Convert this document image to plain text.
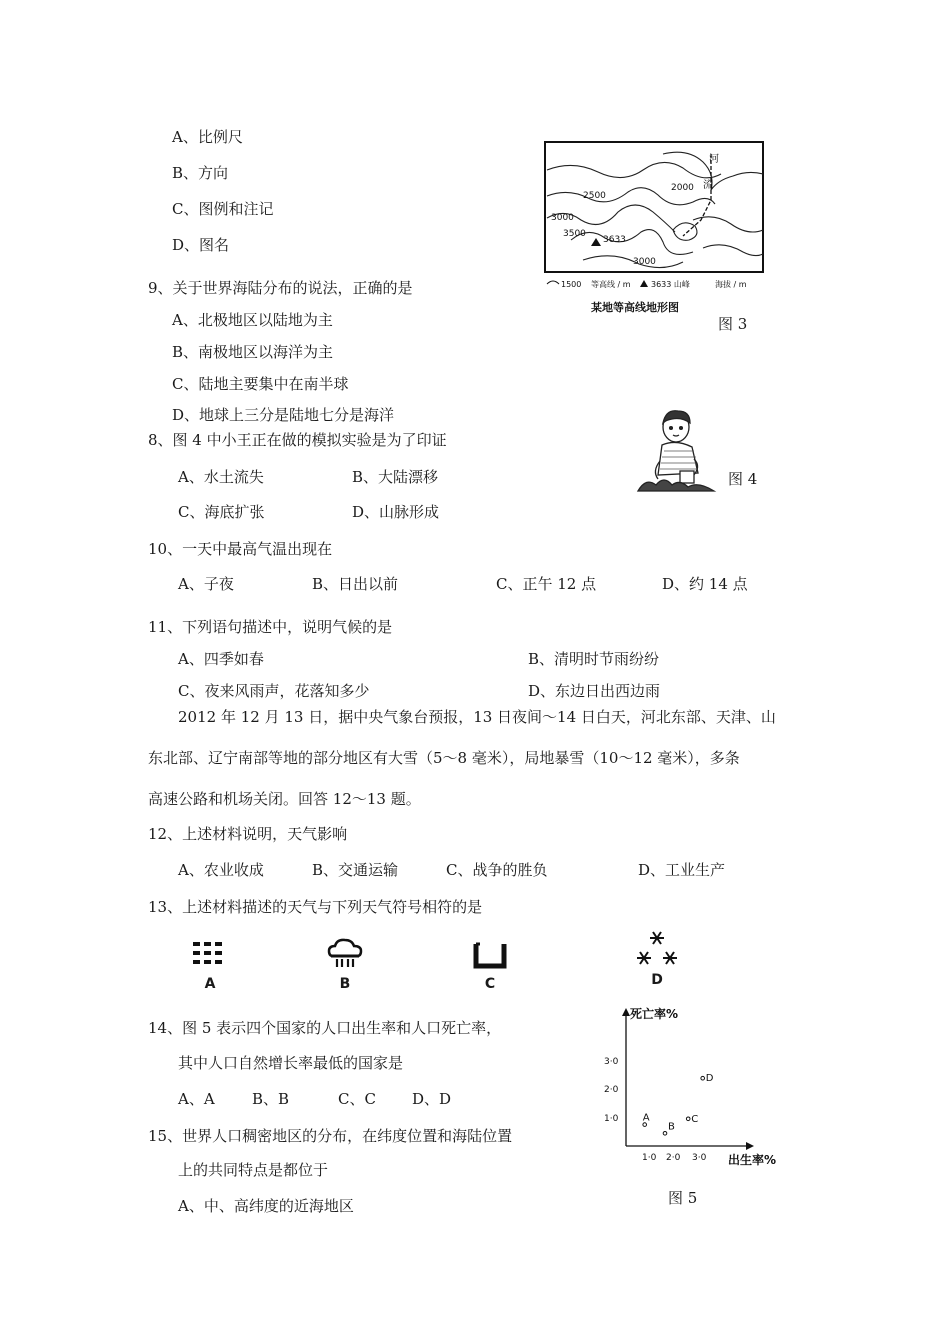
A、比例尺
B、方向
C、图例和注记
D、图名
9、关于世界海陆分布的说法，正确的是
A、北极地区以陆地为主
B、南极地区以海洋为主
C、陆地主要集中在南半球
D、地球上三分是陆地七分是海洋
8、图 4 中小王正在做的模拟实验是为了印证
A、水土流失	B、大陆漂移
C、海底扩张	D、山脉形成
10、一天中最高气温出现在
A、子夜	B、日出以前	C、正午 12 点	D、约 14 点
11、下列语句描述中，说明气候的是
A、四季如春	B、清明时节雨纷纷
C、夜来风雨声，花落知多少	D、东边日出西边雨
2012 年 12 月 13 日，据中央气象台预报，13 日夜间～14 日白天，河北东部、天津、山
东北部、辽宁南部等地的部分地区有大雪（5～8 毫米），局地暴雪（10～12 毫米），多条
高速公路和机场关闭。回答 12～13 题。
12、上述材料说明，天气影响
A、农业收成	B、交通运输	C、战争的胜负	D、工业生产
13、上述材料描述的天气与下列天气符号相符的是
A	B	C	D
14、图 5 表示四个国家的人口出生率和人口死亡率，
其中人口自然增长率最低的国家是
A、A B、B	C、C D、D
15、世界人口稠密地区的分布，在纬度位置和海陆位置
上的共同特点是都位于
A、中、高纬度的近海地区
2500
3000
3500
3000
2000
3633
河
流
1500 等高线 / m	3633 山峰	海拔 / m
某地等高线地形图
图 3
图 4
死亡率%
出生率%
3·0
2·0
1·0
1·0 2·0 3·0
A
B
C
D
图 5
